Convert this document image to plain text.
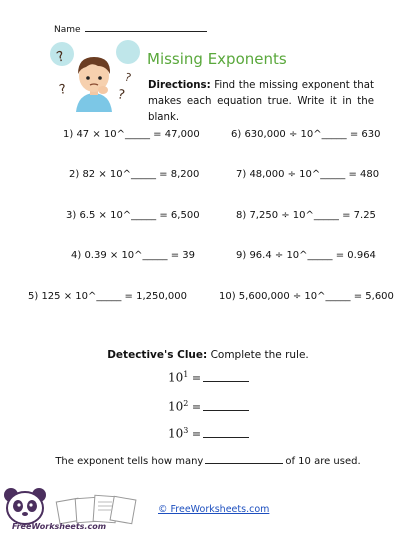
Name
?
?	?
?
Missing Exponents
Directions: Find the missing exponent that makes each equation true. Write it in the blank.
1) 47 × 10^_____ = 47,000
2) 82 × 10^_____ = 8,200
3) 6.5 × 10^_____ = 6,500
4) 0.39 × 10^_____ = 39
5) 125 × 10^_____ = 1,250,000
6) 630,000 ÷ 10^_____ = 630
7) 48,000 ÷ 10^_____ = 480
8) 7,250 ÷ 10^_____ = 7.25
9) 96.4 ÷ 10^_____ = 0.964
10) 5,600,000 ÷ 10^_____ = 5,600
Detective's Clue: Complete the rule.
$10^1$ =
$10^2$ =
$10^3$ =
The exponent tells how many	of 10 are used.
FreeWorksheets.com
© FreeWorksheets.com
